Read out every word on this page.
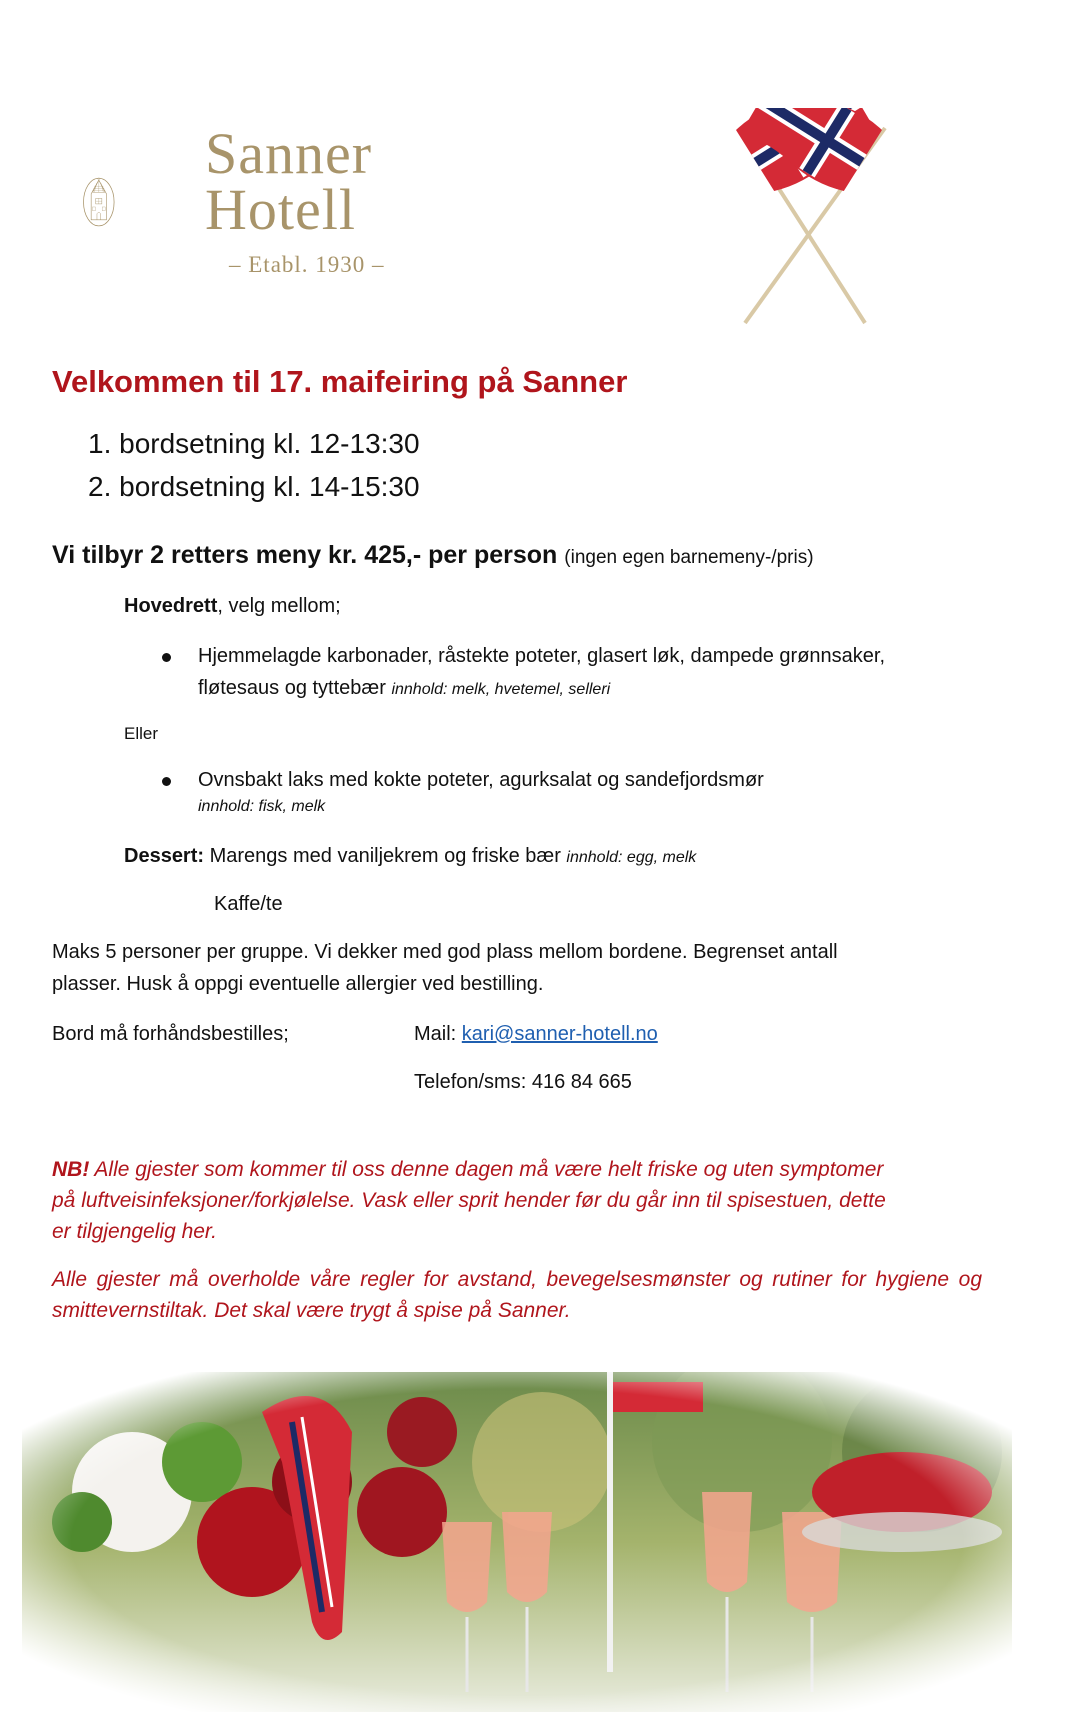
Sanner
Hotell
– Etabl. 1930 –
Velkommen til 17. maifeiring på Sanner
1. bordsetning kl. 12-13:30
2. bordsetning kl. 14-15:30
Vi tilbyr 2 retters meny kr. 425,- per person (ingen egen barnemeny-/pris)
Hovedrett, velg mellom;
Hjemmelagde karbonader, råstekte poteter, glasert løk, dampede grønnsaker,
fløtesaus og tyttebær innhold: melk, hvetemel, selleri
Eller
Ovnsbakt laks med kokte poteter, agurksalat og sandefjordsmør
innhold: fisk, melk
Dessert: Marengs med vaniljekrem og friske bær innhold: egg, melk
Kaffe/te
Maks 5 personer per gruppe. Vi dekker med god plass mellom bordene. Begrenset antall
plasser. Husk å oppgi eventuelle allergier ved bestilling.
Bord må forhåndsbestilles;	Mail: kari@sanner-hotell.no
Telefon/sms: 416 84 665
NB! Alle gjester som kommer til oss denne dagen må være helt friske og uten symptomer
på luftveisinfeksjoner/forkjølelse. Vask eller sprit hender før du går inn til spisestuen, dette
er tilgjengelig her.
Alle gjester må overholde våre regler for avstand, bevegelsesmønster og rutiner for hygiene og smittevernstiltak. Det skal være trygt å spise på Sanner.
